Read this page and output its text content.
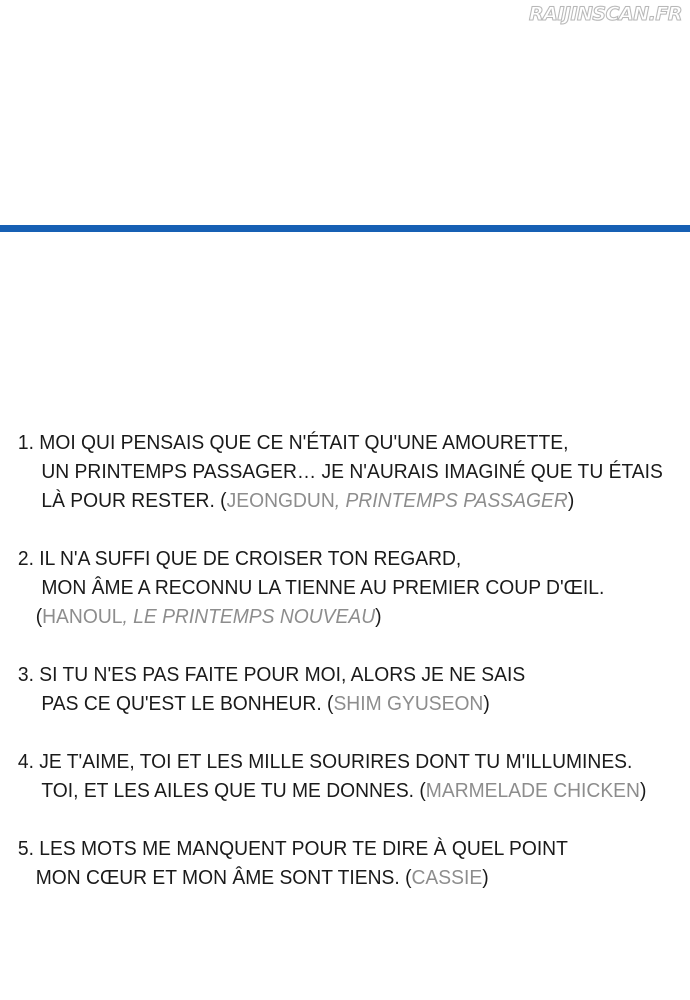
RAIJINSCAN.FR
1. MOI QUI PENSAIS QUE CE N'ÉTAIT QU'UNE AMOURETTE,
UN PRINTEMPS PASSAGER… JE N'AURAIS IMAGINÉ QUE TU ÉTAIS
LÀ POUR RESTER. (JEONGDUN, PRINTEMPS PASSAGER)
2. IL N'A SUFFI QUE DE CROISER TON REGARD,
MON ÂME A RECONNU LA TIENNE AU PREMIER COUP D'ŒIL.
(HANOUL, LE PRINTEMPS NOUVEAU)
3. SI TU N'ES PAS FAITE POUR MOI, ALORS JE NE SAIS
PAS CE QU'EST LE BONHEUR. (SHIM GYUSEON)
4. JE T'AIME, TOI ET LES MILLE SOURIRES DONT TU M'ILLUMINES.
TOI, ET LES AILES QUE TU ME DONNES. (MARMELADE CHICKEN)
5. LES MOTS ME MANQUENT POUR TE DIRE À QUEL POINT
MON CŒUR ET MON ÂME SONT TIENS. (CASSIE)
